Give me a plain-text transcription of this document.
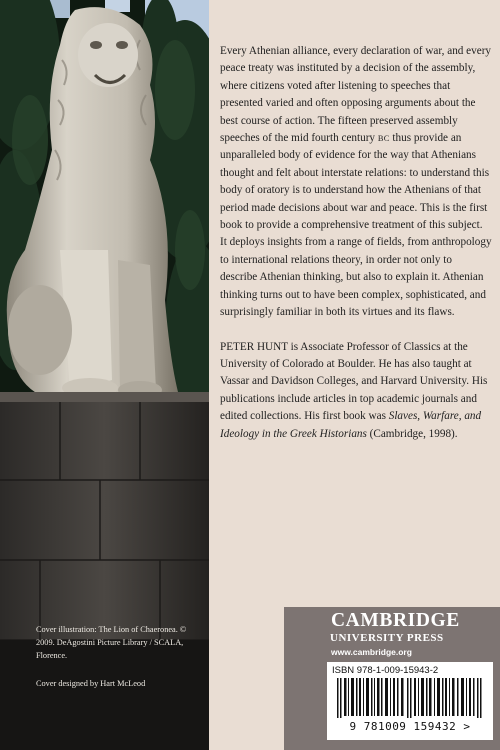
Cover illustration: The Lion of Chaeronea. © 2009. DeAgostini Picture Library / SCALA, Florence.
Cover designed by Hart McLeod

Every Athenian alliance, every declaration of war, and every peace treaty was instituted by a decision of the assembly, where citizens voted after listening to speeches that presented varied and often opposing arguments about the best course of action. The fifteen preserved assembly speeches of the mid fourth century BC thus provide an unparalleled body of evidence for the way that Athenians thought and felt about interstate relations: to understand this body of oratory is to understand how the Athenians of that period made decisions about war and peace. This is the first book to provide a comprehensive treatment of this subject. It deploys insights from a range of fields, from anthropology to international relations theory, in order not only to describe Athenian thinking, but also to explain it. Athenian thinking turns out to have been complex, sophisticated, and surprisingly familiar in both its virtues and its flaws.

PETER HUNT is Associate Professor of Classics at the University of Colorado at Boulder. He has also taught at Vassar and Davidson Colleges, and Harvard University. His publications include articles in top academic journals and edited collections. His first book was Slaves, Warfare, and Ideology in the Greek Historians (Cambridge, 1998).

CAMBRIDGE
UNIVERSITY PRESS
www.cambridge.org
ISBN 978-1-009-15943-2
9 781009 159432 >
